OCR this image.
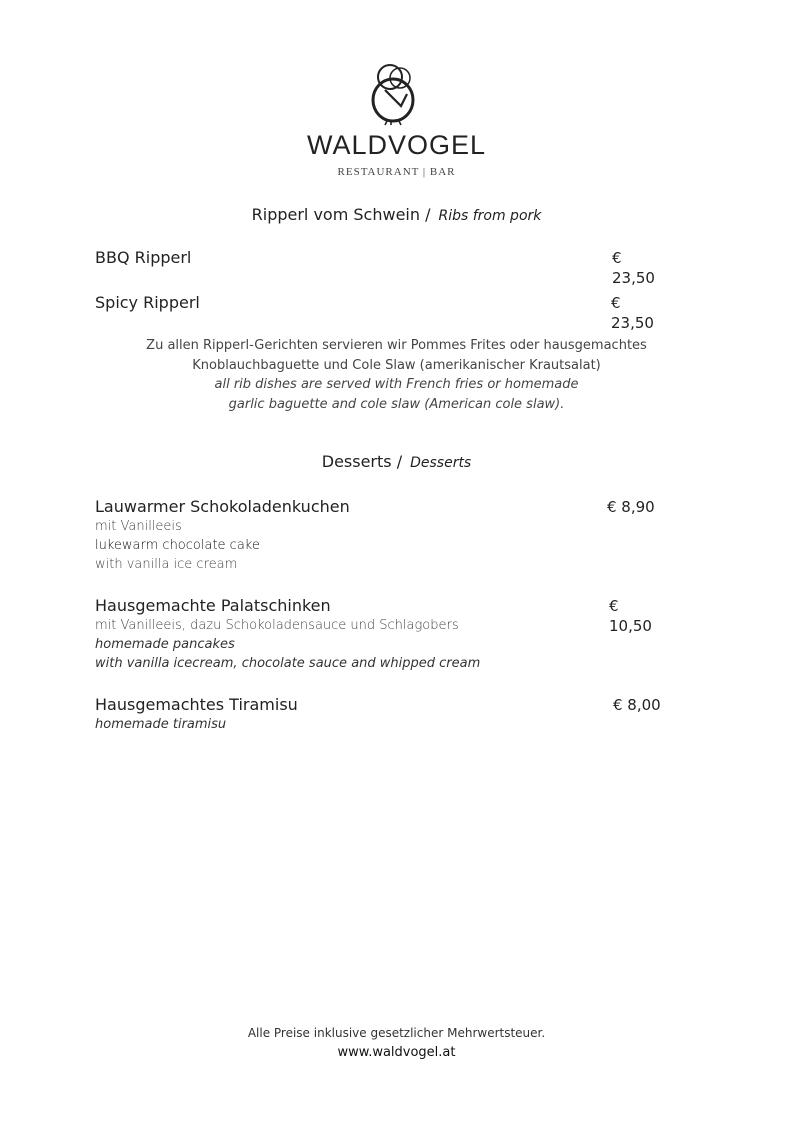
WALDVOGEL
RESTAURANT | BAR
Ripperl vom Schwein / Ribs from pork
BBQ Ripperl	€ 23,50
Spicy Ripperl	€ 23,50
Zu allen Ripperl-Gerichten servieren wir Pommes Frites oder hausgemachtes
Knoblauchbaguette und Cole Slaw (amerikanischer Krautsalat)
all rib dishes are served with French fries or homemade
garlic baguette and cole slaw (American cole slaw).
Desserts / Desserts
Lauwarmer Schokoladenkuchen	€ 8,90
mit Vanilleeis
lukewarm chocolate cake
with vanilla ice cream
Hausgemachte Palatschinken	€ 10,50
mit Vanilleeis, dazu Schokoladensauce und Schlagobers
homemade pancakes
with vanilla icecream, chocolate sauce and whipped cream
Hausgemachtes Tiramisu	€ 8,00
homemade tiramisu
Alle Preise inklusive gesetzlicher Mehrwertsteuer.
www.waldvogel.at
